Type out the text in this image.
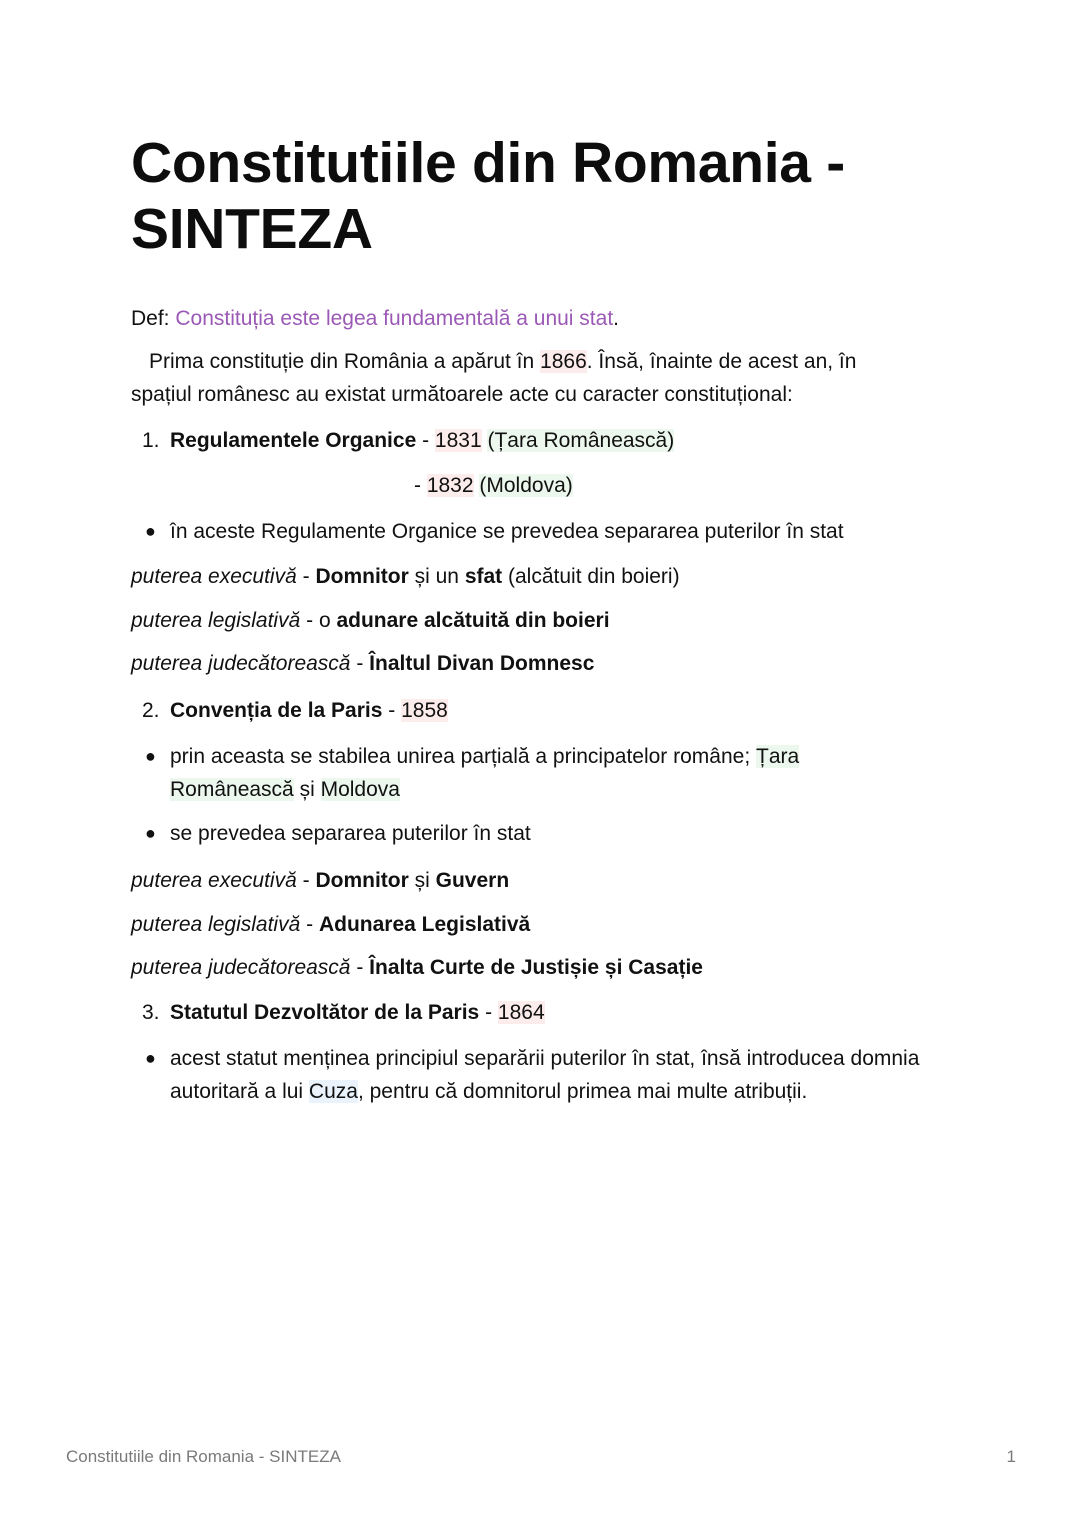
Constitutiile din Romania - SINTEZA

Def: Constituția este legea fundamentală a unui stat.

Prima constituție din România a apărut în 1866. Însă, înainte de acest an, în

spațiul românesc au existat următoarele acte cu caracter constituțional:

1. Regulamentele Organice - 1831 (Țara Românească)

- 1832 (Moldova)

● în aceste Regulamente Organice se prevedea separarea puterilor în stat

puterea executivă - Domnitor și un sfat (alcătuit din boieri)

puterea legislativă - o adunare alcătuită din boieri

puterea judecătorească - Înaltul Divan Domnesc

2. Convenția de la Paris - 1858
● prin aceasta se stabilea unirea parțială a principatelor române; Țara

Românească și Moldova

● se prevedea separarea puterilor în stat

puterea executivă - Domnitor și Guvern

puterea legislativă - Adunarea Legislativă

puterea judecătorească - Înalta Curte de Justișie și Casație

3. Statutul Dezvoltător de la Paris - 1864
● acest statut menținea principiul separării puterilor în stat, însă introducea domnia

autoritară a lui Cuza, pentru că domnitorul primea mai multe atribuții.

Constitutiile din Romania - SINTEZA	1
